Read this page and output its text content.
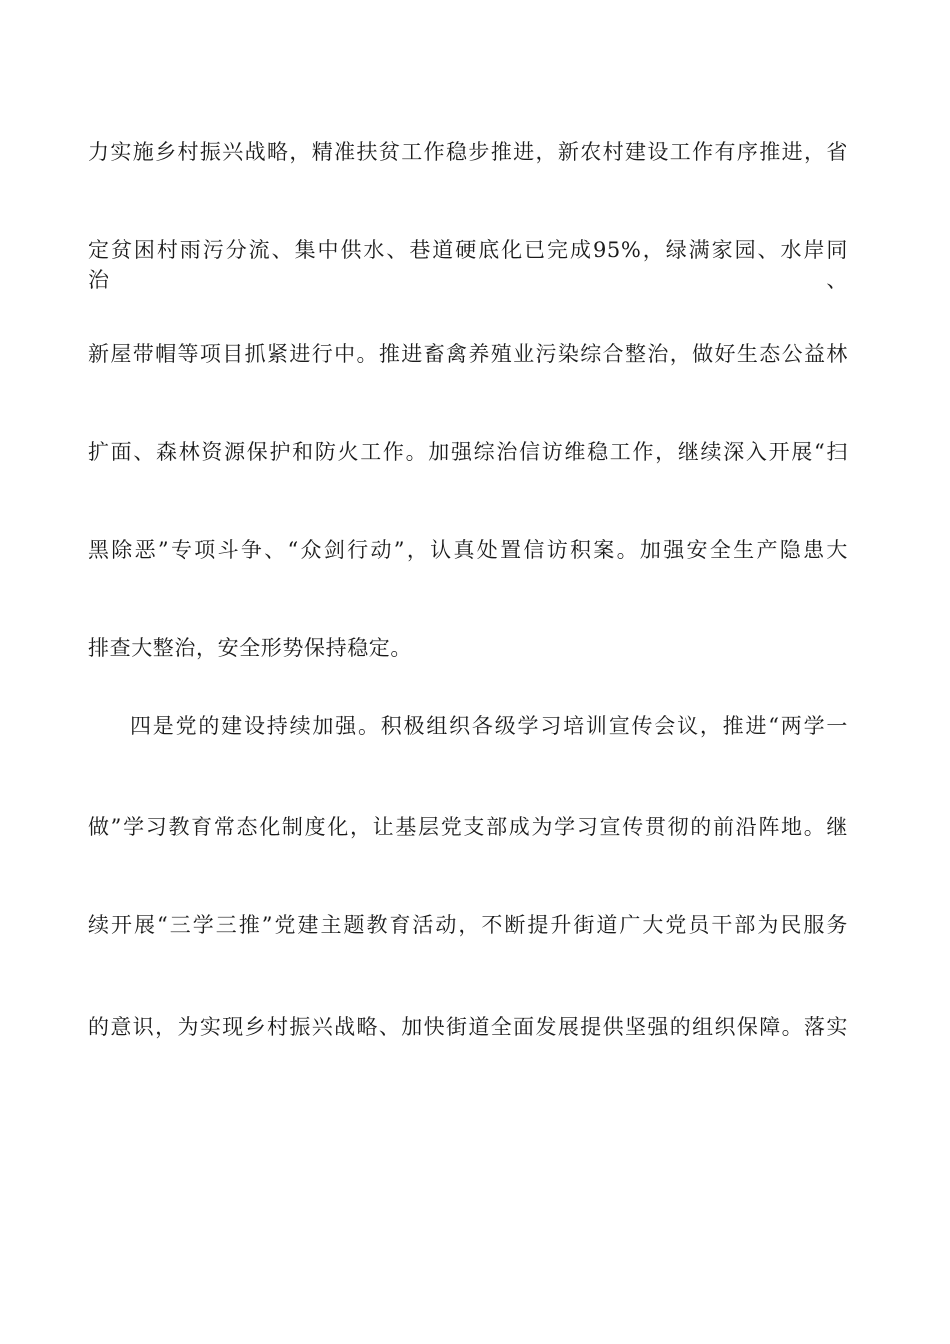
力实施乡村振兴战略，精准扶贫工作稳步推进，新农村建设工作有序推进，省
定贫困村雨污分流、集中供水、巷道硬底化已完成95%，绿满家园、水岸同治、
新屋带帽等项目抓紧进行中。推进畜禽养殖业污染综合整治，做好生态公益林
扩面、森林资源保护和防火工作。加强综治信访维稳工作，继续深入开展“扫
黑除恶”专项斗争、“众剑行动”，认真处置信访积案。加强安全生产隐患大
排查大整治，安全形势保持稳定。
四是党的建设持续加强。积极组织各级学习培训宣传会议，推进“两学一
做”学习教育常态化制度化，让基层党支部成为学习宣传贯彻的前沿阵地。继
续开展“三学三推”党建主题教育活动，不断提升街道广大党员干部为民服务
的意识，为实现乡村振兴战略、加快街道全面发展提供坚强的组织保障。落实
